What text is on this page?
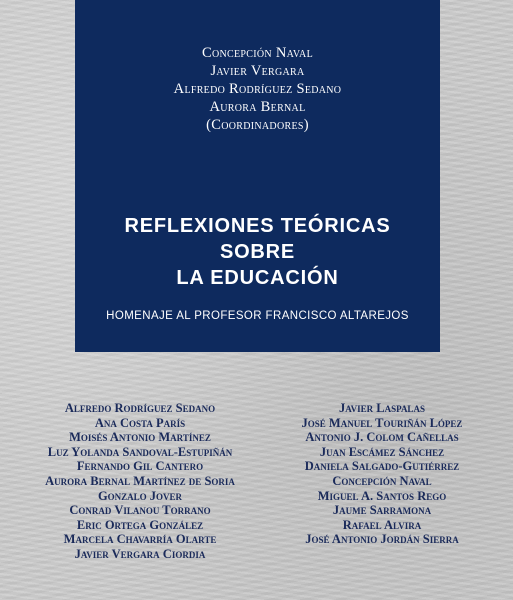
Concepción Naval
Javier Vergara
Alfredo Rodríguez Sedano
Aurora Bernal
(Coordinadores)
REFLEXIONES TEÓRICAS
SOBRE
LA EDUCACIÓN
HOMENAJE AL PROFESOR FRANCISCO ALTAREJOS
Alfredo Rodríguez Sedano
Ana Costa París
Moisés Antonio Martínez
Luz Yolanda Sandoval-Estupiñán
Fernando Gil Cantero
Aurora Bernal Martínez de Soria
Gonzalo Jover
Conrad Vilanou Torrano
Eric Ortega González
Marcela Chavarría Olarte
Javier Vergara Ciordia
Javier Laspalas
José Manuel Touriñán López
Antonio J. Colom Cañellas
Juan Escámez Sánchez
Daniela Salgado-Gutiérrez
Concepción Naval
Miguel A. Santos Rego
Jaume Sarramona
Rafael Alvira
José Antonio Jordán Sierra
